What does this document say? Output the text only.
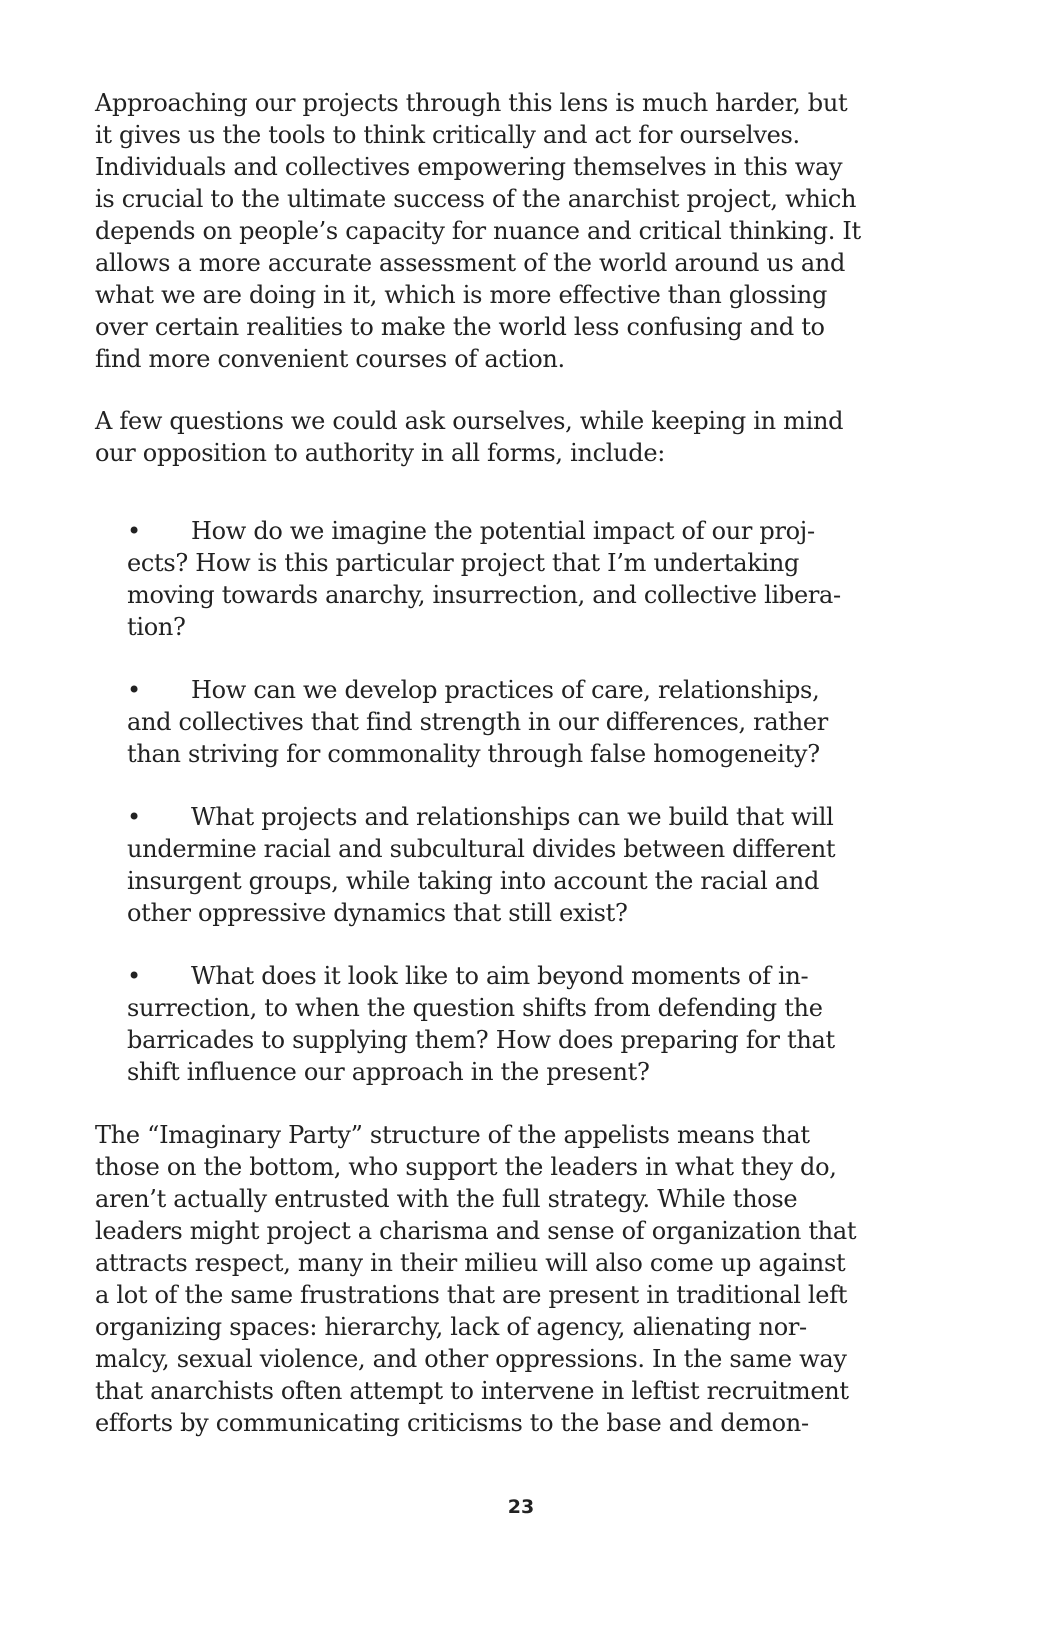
Approaching our projects through this lens is much harder, but
it gives us the tools to think critically and act for ourselves.
Individuals and collectives empowering themselves in this way
is crucial to the ultimate success of the anarchist project, which
depends on people’s capacity for nuance and critical thinking. It
allows a more accurate assessment of the world around us and
what we are doing in it, which is more effective than glossing
over certain realities to make the world less confusing and to
find more convenient courses of action.

A few questions we could ask ourselves, while keeping in mind
our opposition to authority in all forms, include:

• How do we imagine the potential impact of our proj-
ects? How is this particular project that I’m undertaking
moving towards anarchy, insurrection, and collective libera-
tion?
• How can we develop practices of care, relationships,
and collectives that find strength in our differences, rather
than striving for commonality through false homogeneity?
• What projects and relationships can we build that will
undermine racial and subcultural divides between different
insurgent groups, while taking into account the racial and
other oppressive dynamics that still exist?
• What does it look like to aim beyond moments of in-
surrection, to when the question shifts from defending the
barricades to supplying them? How does preparing for that
shift influence our approach in the present?

The “Imaginary Party” structure of the appelists means that
those on the bottom, who support the leaders in what they do,
aren’t actually entrusted with the full strategy. While those
leaders might project a charisma and sense of organization that
attracts respect, many in their milieu will also come up against
a lot of the same frustrations that are present in traditional left
organizing spaces: hierarchy, lack of agency, alienating nor-
malcy, sexual violence, and other oppressions. In the same way
that anarchists often attempt to intervene in leftist recruitment
efforts by communicating criticisms to the base and demon-

23
